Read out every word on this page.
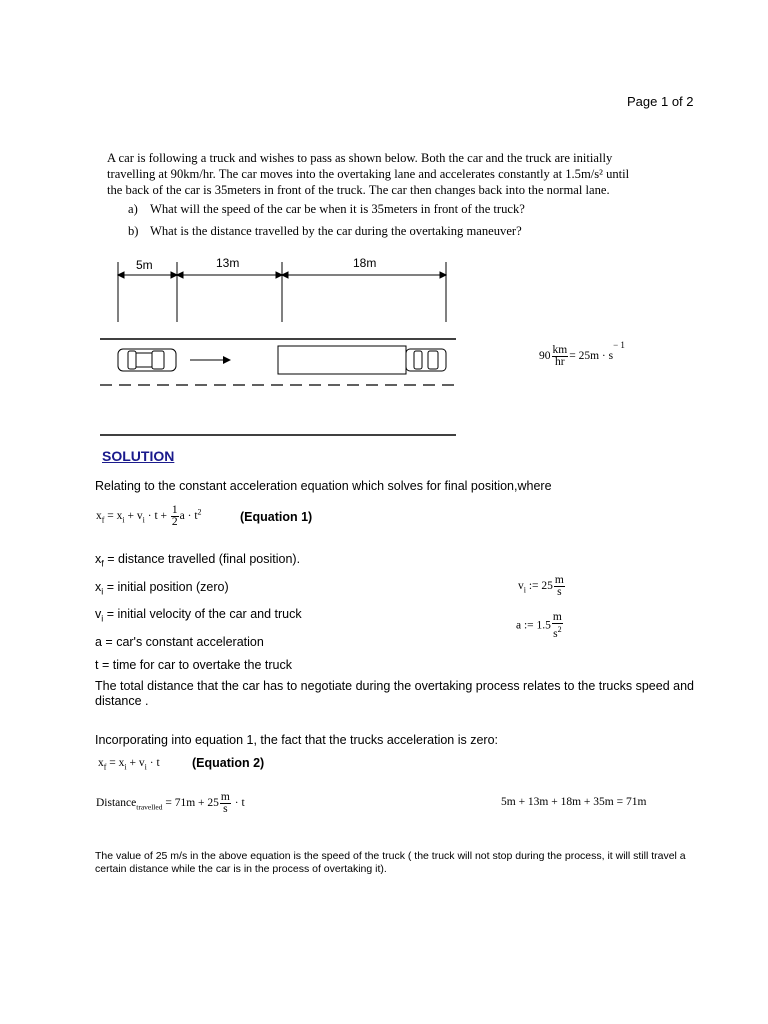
Page 1 of 2
A car is following a truck and wishes to pass as shown below. Both the car and the truck are initially
travelling at 90km/hr. The car moves into the overtaking lane and accelerates constantly at 1.5m/s² until
the back of the car is 35meters in front of the truck. The car then changes back into the normal lane.
a) What will the speed of the car be when it is 35meters in front of the truck?
b) What is the distance travelled by the car during the overtaking maneuver?
5m	13m	18m
$90 \frac{km}{hr} = 25m \cdot s^{- 1}$
SOLUTION
Relating to the constant acceleration equation which solves for final position,where
$x_f = x_i + v_i \cdot t + \frac{1}{2}$ $a \cdot t^2$	(Equation 1)
$x_f$ = distance travelled (final position).
$x_i$ = initial position (zero)
$v_i$ = initial velocity of the car and truck
a = car's constant acceleration
t = time for car to overtake the truck
$v_i$ := $25 \frac{m}{s}$
a := $1.5 \frac{m}{s^2}$
The total distance that the car has to negotiate during the overtaking process relates to the trucks speed and
distance .
Incorporating into equation 1, the fact that the trucks acceleration is zero:
$x_f = x_i + v_i \cdot t$	(Equation 2)
Distance$_{travelled}$ = $71m + 25 \frac{m}{s} \cdot t$	5m + 13m + 18m + 35m = 71m
The value of 25 m/s in the above equation is the speed of the truck ( the truck will not stop during the process, it will still travel a
certain distance while the car is in the process of overtaking it).
